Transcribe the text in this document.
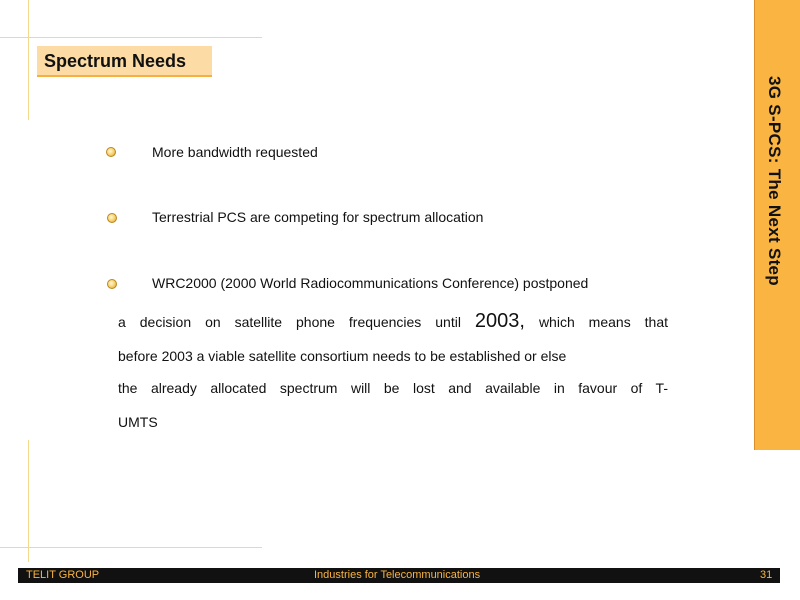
Spectrum Needs
3G S-PCS: The Next Step
More bandwidth requested
Terrestrial PCS are competing for spectrum allocation
WRC2000 (2000 World Radiocommunications Conference) postponed
a decision on satellite phone frequencies until 2003, which means that
before 2003 a viable satellite consortium needs to be established or else
the already allocated spectrum will be lost and available in favour of T-
UMTS
TELIT GROUP	Industries for Telecommunications	31
